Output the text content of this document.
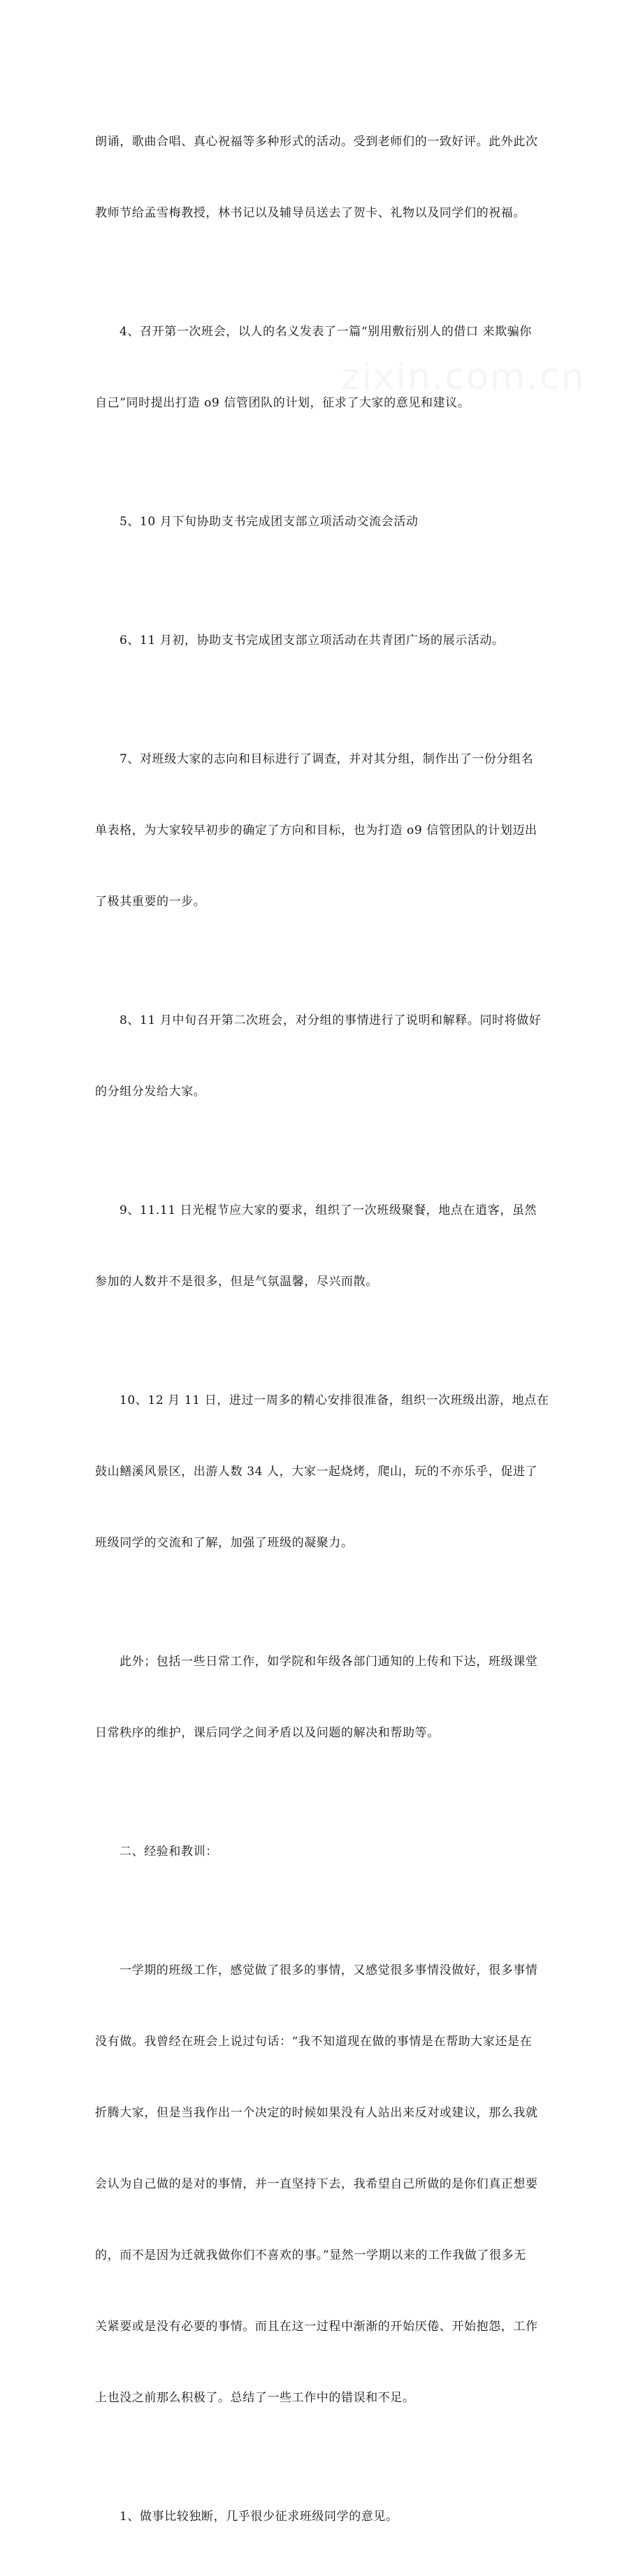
zixin.com.cn

朗诵，歌曲合唱、真心祝福等多种形式的活动。受到老师们的一致好评。此外此次

教师节给孟雪梅教授，林书记以及辅导员送去了贺卡、礼物以及同学们的祝福。

4、召开第一次班会，以人的名义发表了一篇“别用敷衍别人的借口 来欺骗你

自己”同时提出打造 o9 信管团队的计划，征求了大家的意见和建议。

5、10 月下旬协助支书完成团支部立项活动交流会活动

6、11 月初，协助支书完成团支部立项活动在共青团广场的展示活动。

7、对班级大家的志向和目标进行了调查，并对其分组，制作出了一份分组名

单表格，为大家较早初步的确定了方向和目标，也为打造 o9 信管团队的计划迈出

了极其重要的一步。

8、11 月中旬召开第二次班会，对分组的事情进行了说明和解释。同时将做好

的分组分发给大家。

9、11.11 日光棍节应大家的要求，组织了一次班级聚餐，地点在逍客，虽然

参加的人数并不是很多，但是气氛温馨，尽兴而散。

10、12 月 11 日，进过一周多的精心安排很准备，组织一次班级出游，地点在

鼓山鳝溪风景区，出游人数 34 人，大家一起烧烤，爬山，玩的不亦乐乎，促进了

班级同学的交流和了解，加强了班级的凝聚力。

此外；包括一些日常工作，如学院和年级各部门通知的上传和下达，班级课堂

日常秩序的维护，课后同学之间矛盾以及问题的解决和帮助等。

二、经验和教训：

一学期的班级工作，感觉做了很多的事情，又感觉很多事情没做好，很多事情

没有做。我曾经在班会上说过句话：“我不知道现在做的事情是在帮助大家还是在

折腾大家，但是当我作出一个决定的时候如果没有人站出来反对或建议，那么我就

会认为自己做的是对的事情，并一直坚持下去，我希望自己所做的是你们真正想要

的，而不是因为迁就我做你们不喜欢的事。”显然一学期以来的工作我做了很多无

关紧要或是没有必要的事情。而且在这一过程中渐渐的开始厌倦、开始抱怨，工作

上也没之前那么积极了。总结了一些工作中的错误和不足。

1、做事比较独断，几乎很少征求班级同学的意见。
